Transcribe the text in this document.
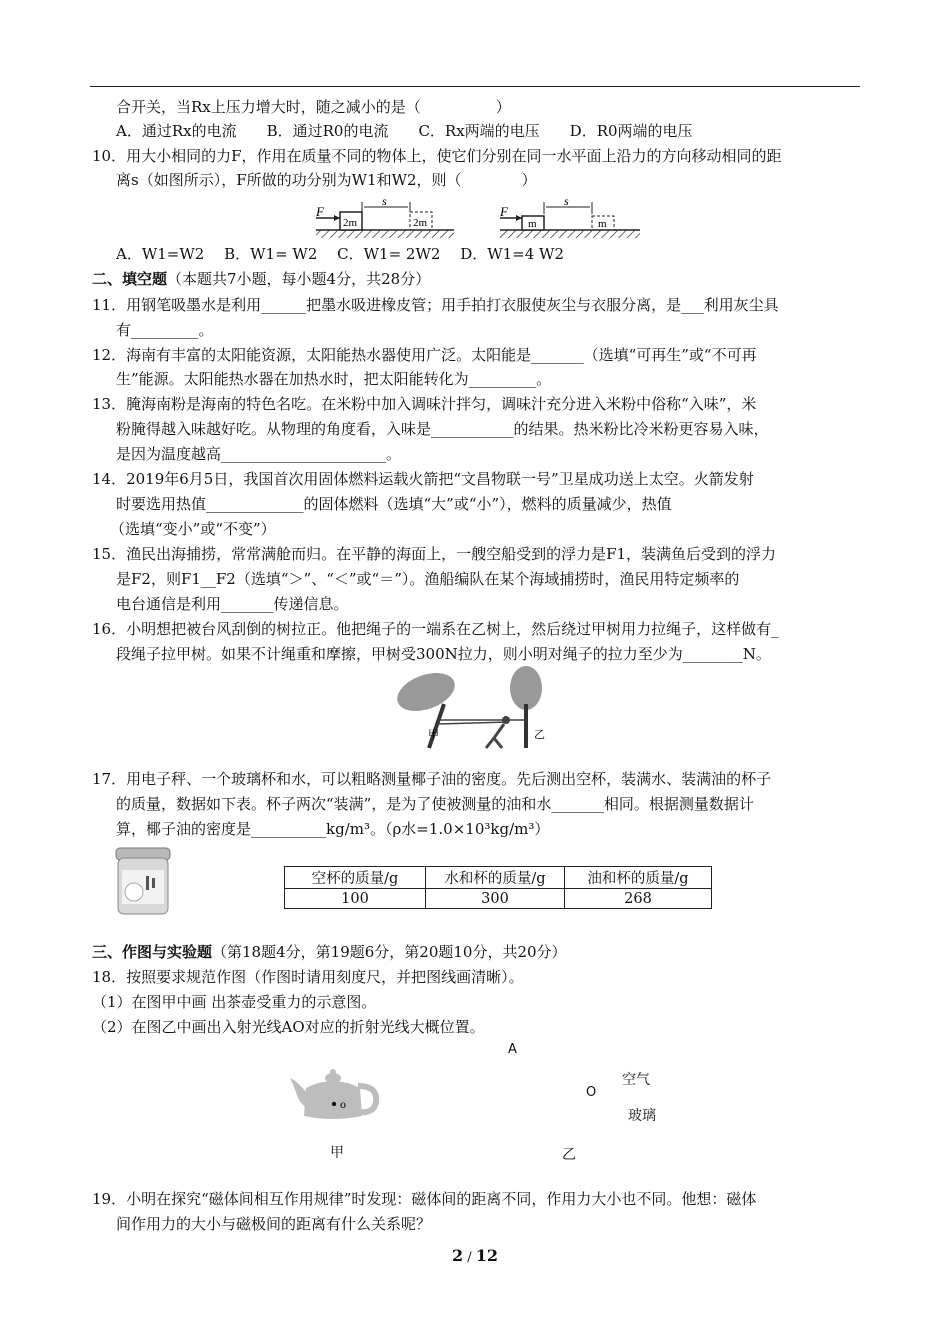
合开关，当Rx上压力增大时，随之减小的是（　　　　　）
A．通过Rx的电流　　B．通过R0的电流　　C．Rx两端的电压　　D．R0两端的电压
10．用大小相同的力F，作用在质量不同的物体上，使它们分别在同一水平面上沿力的方向移动相同的距
离s（如图所示），F所做的功分别为W1和W2，则（　　　　）
F
2m
s
2m
F
m
s
m
A．W1=W2　 B．W1= W2　 C．W1= 2W2　 D．W1=4 W2
二、填空题（本题共7小题，每小题4分，共28分）
11．用钢笔吸墨水是利用______把墨水吸进橡皮管；用手拍打衣服使灰尘与衣服分离，是___利用灰尘具
有_________。
12．海南有丰富的太阳能资源，太阳能热水器使用广泛。太阳能是_______（选填“可再生”或“不可再
生”能源。太阳能热水器在加热水时，把太阳能转化为_________。
13．腌海南粉是海南的特色名吃。在米粉中加入调味汁拌匀，调味汁充分进入米粉中俗称“入味”，米
粉腌得越入味越好吃。从物理的角度看，入味是___________的结果。热米粉比冷米粉更容易入味，
是因为温度越高______________________。
14．2019年6月5日，我国首次用固体燃料运载火箭把“文昌物联一号”卫星成功送上太空。火箭发射
时要选用热值_____________的固体燃料（选填“大”或“小”），燃料的质量减少，热值
（选填“变小”或“不变”）
15．渔民出海捕捞，常常满舱而归。在平静的海面上，一艘空船受到的浮力是F1，装满鱼后受到的浮力
是F2，则F1__F2（选填“＞”、“＜”或“＝”）。渔船编队在某个海域捕捞时，渔民用特定频率的
电台通信是利用_______传递信息。
16．小明想把被台风刮倒的树拉正。他把绳子的一端系在乙树上，然后绕过甲树用力拉绳子，这样做有_
段绳子拉甲树。如果不计绳重和摩擦，甲树受300N拉力，则小明对绳子的拉力至少为________N。
甲	乙
17．用电子秤、一个玻璃杯和水，可以粗略测量椰子油的密度。先后测出空杯，装满水、装满油的杯子
的质量，数据如下表。杯子两次“装满”，是为了使被测量的油和水_______相同。根据测量数据计
算，椰子油的密度是__________kg/m³。（ρ水=1.0×10³kg/m³）
空杯的质量/g	水和杯的质量/g	油和杯的质量/g
100	300	268
三、作图与实验题（第18题4分，第19题6分，第20题10分，共20分）
18．按照要求规范作图（作图时请用刻度尺，并把图线画清晰）。
（1）在图甲中画 出茶壶受重力的示意图。
（2）在图乙中画出入射光线AO对应的折射光线大概位置。
o
A
O
空气
玻璃
甲	乙
19．小明在探究“磁体间相互作用规律”时发现：磁体间的距离不同，作用力大小也不同。他想：磁体
间作用力的大小与磁极间的距离有什么关系呢？
2 / 12
